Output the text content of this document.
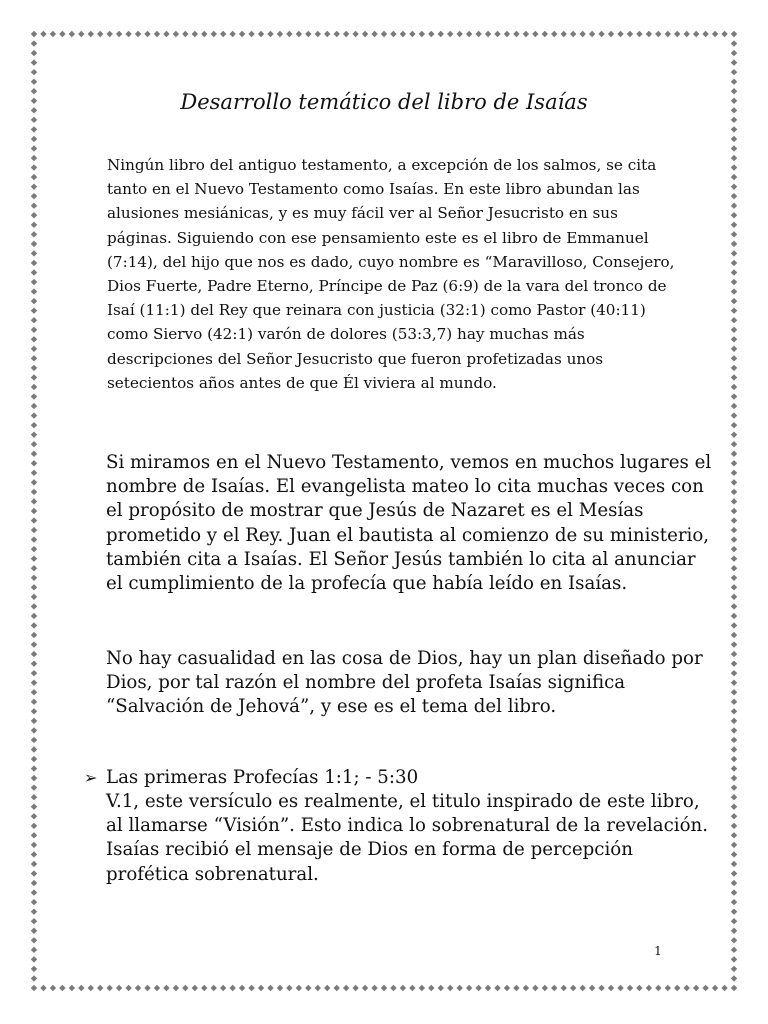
Desarrollo temático del libro de Isaías

Ningún libro del antiguo testamento, a excepción de los salmos, se cita tanto en el Nuevo Testamento como Isaías. En este libro abundan las alusiones mesiánicas, y es muy fácil ver al Señor Jesucristo en sus páginas. Siguiendo con ese pensamiento este es el libro de Emmanuel (7:14), del hijo que nos es dado, cuyo nombre es “Maravilloso, Consejero, Dios Fuerte, Padre Eterno, Príncipe de Paz (6:9) de la vara del tronco de Isaí (11:1) del Rey que reinara con justicia (32:1) como Pastor (40:11) como Siervo (42:1) varón de dolores (53:3,7) hay muchas más descripciones del Señor Jesucristo que fueron profetizadas unos setecientos años antes de que Él viviera al mundo.

Si miramos en el Nuevo Testamento, vemos en muchos lugares el nombre de Isaías. El evangelista mateo lo cita muchas veces con el propósito de mostrar que Jesús de Nazaret es el Mesías prometido y el Rey. Juan el bautista al comienzo de su ministerio, también cita a Isaías. El Señor Jesús también lo cita al anunciar el cumplimiento de la profecía que había leído en Isaías.

No hay casualidad en las cosa de Dios, hay un plan diseñado por Dios, por tal razón el nombre del profeta Isaías significa “Salvación de Jehová”, y ese es el tema del libro.

➢ Las primeras Profecías 1:1; - 5:30

V.1, este versículo es realmente, el titulo inspirado de este libro, al llamarse “Visión”. Esto indica lo sobrenatural de la revelación. Isaías recibió el mensaje de Dios en forma de percepción profética sobrenatural.

1
